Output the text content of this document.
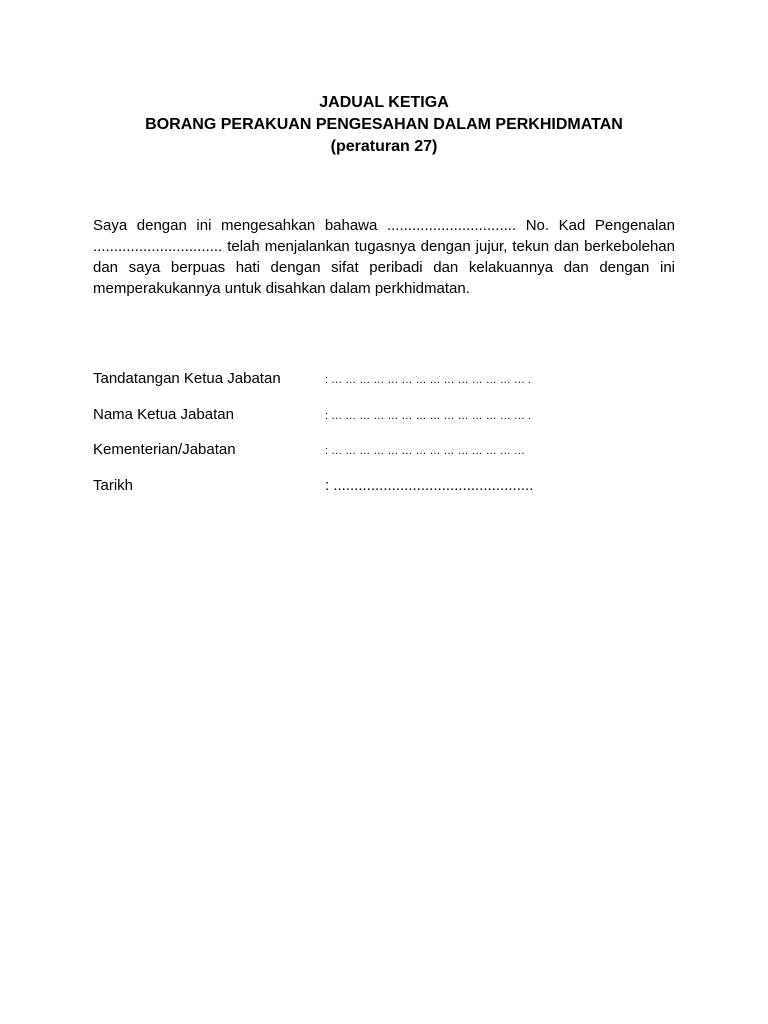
JADUAL KETIGA
BORANG PERAKUAN PENGESAHAN DALAM PERKHIDMATAN
(peraturan 27)
Saya dengan ini mengesahkan bahawa ............................... No. Kad Pengenalan ............................... telah menjalankan tugasnya dengan jujur, tekun dan berkebolehan dan saya berpuas hati dengan sifat peribadi dan kelakuannya dan dengan ini memperakukannya untuk disahkan dalam perkhidmatan.
Tandatangan Ketua Jabatan	: … … … … … … … … … … … … … … .
Nama Ketua Jabatan	: … … … … … … … … … … … … … … .
Kementerian/Jabatan	: … … … … … … … … … … … … … …
Tarikh	: ................................................
